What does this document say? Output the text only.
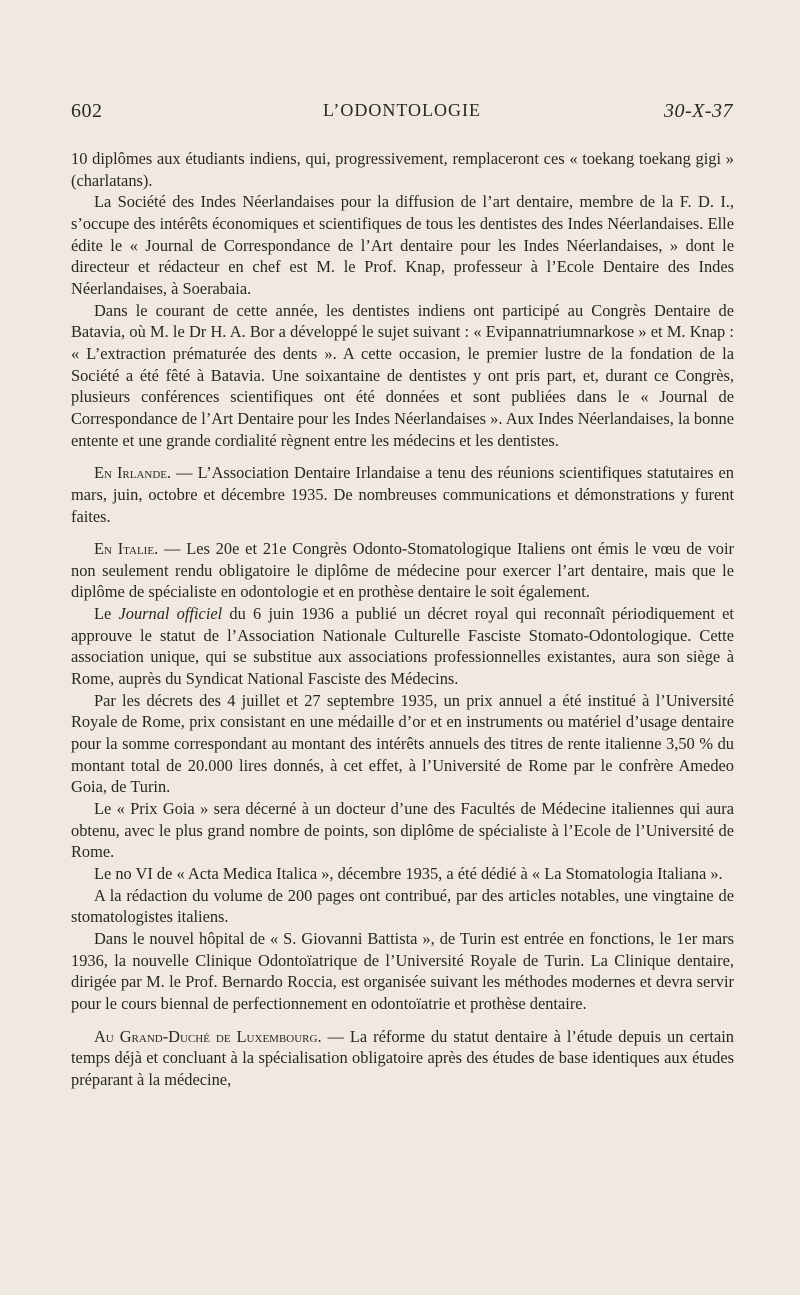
602	L’ODONTOLOGIE	30-X-37

10 diplômes aux étudiants indiens, qui, progressivement, remplaceront ces « toekang toekang gigi » (charlatans).

La Société des Indes Néerlandaises pour la diffusion de l’art dentaire, membre de la F. D. I., s’occupe des intérêts économiques et scientifiques de tous les dentistes des Indes Néerlandaises. Elle édite le « Journal de Correspondance de l’Art dentaire pour les Indes Néerlandaises, » dont le directeur et rédacteur en chef est M. le Prof. Knap, professeur à l’Ecole Dentaire des Indes Néerlandaises, à Soerabaia.

Dans le courant de cette année, les dentistes indiens ont participé au Congrès Dentaire de Batavia, où M. le Dr H. A. Bor a développé le sujet suivant : « Evipannatriumnarkose » et M. Knap : « L’extraction prématurée des dents ». A cette occasion, le premier lustre de la fondation de la Société a été fêté à Batavia. Une soixantaine de dentistes y ont pris part, et, durant ce Congrès, plusieurs conférences scientifiques ont été données et sont publiées dans le « Journal de Correspondance de l’Art Dentaire pour les Indes Néerlandaises ». Aux Indes Néerlandaises, la bonne entente et une grande cordialité règnent entre les médecins et les dentistes.

En Irlande. — L’Association Dentaire Irlandaise a tenu des réunions scientifiques statutaires en mars, juin, octobre et décembre 1935. De nombreuses communications et démonstrations y furent faites.

En Italie. — Les 20e et 21e Congrès Odonto-Stomatologique Italiens ont émis le vœu de voir non seulement rendu obligatoire le diplôme de médecine pour exercer l’art dentaire, mais que le diplôme de spécialiste en odontologie et en prothèse dentaire le soit également.

Le Journal officiel du 6 juin 1936 a publié un décret royal qui reconnaît périodiquement et approuve le statut de l’Association Nationale Culturelle Fasciste Stomato-Odontologique. Cette association unique, qui se substitue aux associations professionnelles existantes, aura son siège à Rome, auprès du Syndicat National Fasciste des Médecins.

Par les décrets des 4 juillet et 27 septembre 1935, un prix annuel a été institué à l’Université Royale de Rome, prix consistant en une médaille d’or et en instruments ou matériel d’usage dentaire pour la somme correspondant au montant des intérêts annuels des titres de rente italienne 3,50 % du montant total de 20.000 lires donnés, à cet effet, à l’Université de Rome par le confrère Amedeo Goia, de Turin.

Le « Prix Goia » sera décerné à un docteur d’une des Facultés de Médecine italiennes qui aura obtenu, avec le plus grand nombre de points, son diplôme de spécialiste à l’Ecole de l’Université de Rome.

Le no VI de « Acta Medica Italica », décembre 1935, a été dédié à « La Stomatologia Italiana ».

A la rédaction du volume de 200 pages ont contribué, par des articles notables, une vingtaine de stomatologistes italiens.

Dans le nouvel hôpital de « S. Giovanni Battista », de Turin est entrée en fonctions, le 1er mars 1936, la nouvelle Clinique Odontoïatrique de l’Université Royale de Turin. La Clinique dentaire, dirigée par M. le Prof. Bernardo Roccia, est organisée suivant les méthodes modernes et devra servir pour le cours biennal de perfectionnement en odontoïatrie et prothèse dentaire.

Au Grand-Duché de Luxembourg. — La réforme du statut dentaire à l’étude depuis un certain temps déjà et concluant à la spécialisation obligatoire après des études de base identiques aux études préparant à la médecine,
